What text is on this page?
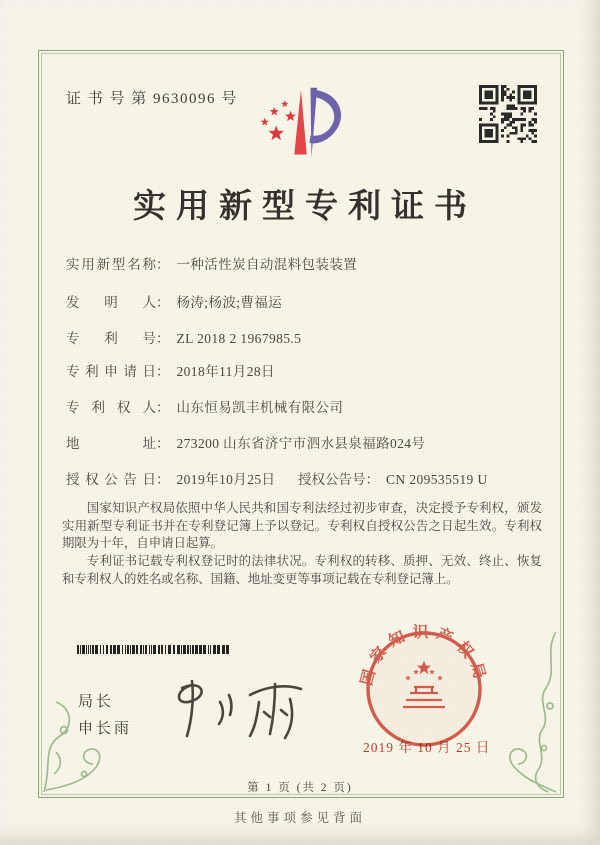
证 书 号 第 9630096 号
实用新型专利证书
实用新型名称： 一种活性炭自动混料包装装置
发明人： 杨涛;杨波;曹福运
专利号： ZL 2018 2 1967985.5
专利申请日： 2018年11月28日
专利权人： 山东恒易凯丰机械有限公司
地址： 273200 山东省济宁市泗水县泉福路024号
授权公告日： 2019年10月25日 授权公告号： CN 209535519 U

国家知识产权局依照中华人民共和国专利法经过初步审查，决定授予专利权，颁发实用新型专利证书并在专利登记簿上予以登记。专利权自授权公告之日起生效。专利权期限为十年，自申请日起算。

专利证书记载专利权登记时的法律状况。专利权的转移、质押、无效、终止、恢复和专利权人的姓名或名称、国籍、地址变更等事项记载在专利登记簿上。

局长
申长雨
国家知识产权局
2019 年 10 月 25 日
第 1 页 (共 2 页)
其他事项参见背面
